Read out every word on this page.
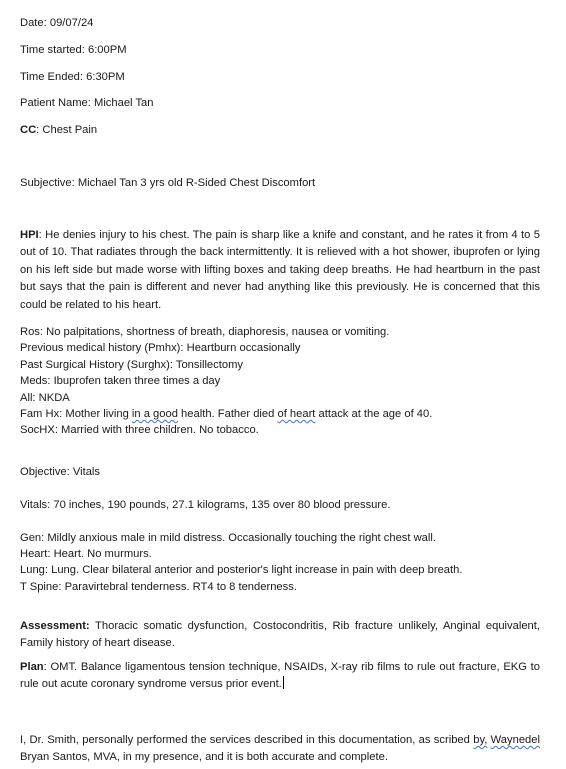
Date: 09/07/24
Time started: 6:00PM
Time Ended: 6:30PM
Patient Name: Michael Tan
CC: Chest Pain
Subjective: Michael Tan 3 yrs old R-Sided Chest Discomfort
HPI: He denies injury to his chest. The pain is sharp like a knife and constant, and he rates it from 4 to 5 out of 10. That radiates through the back intermittently. It is relieved with a hot shower, ibuprofen or lying on his left side but made worse with lifting boxes and taking deep breaths. He had heartburn in the past but says that the pain is different and never had anything like this previously. He is concerned that this could be related to his heart.
Ros: No palpitations, shortness of breath, diaphoresis, nausea or vomiting.
Previous medical history (Pmhx): Heartburn occasionally
Past Surgical History (Surghx): Tonsillectomy
Meds: Ibuprofen taken three times a day
All: NKDA
Fam Hx: Mother living in a good health. Father died of heart attack at the age of 40.
SocHX: Married with three children. No tobacco.
Objective: Vitals
Vitals: 70 inches, 190 pounds, 27.1 kilograms, 135 over 80 blood pressure.
Gen: Mildly anxious male in mild distress. Occasionally touching the right chest wall.
Heart: Heart. No murmurs.
Lung: Lung. Clear bilateral anterior and posterior's light increase in pain with deep breath.
T Spine: Paravirtebral tenderness. RT4 to 8 tenderness.
Assessment: Thoracic somatic dysfunction, Costocondritis, Rib fracture unlikely, Anginal equivalent, Family history of heart disease.
Plan: OMT. Balance ligamentous tension technique, NSAIDs, X-ray rib films to rule out fracture, EKG to rule out acute coronary syndrome versus prior event.
I, Dr. Smith, personally performed the services described in this documentation, as scribed by, Waynedel Bryan Santos, MVA, in my presence, and it is both accurate and complete.
